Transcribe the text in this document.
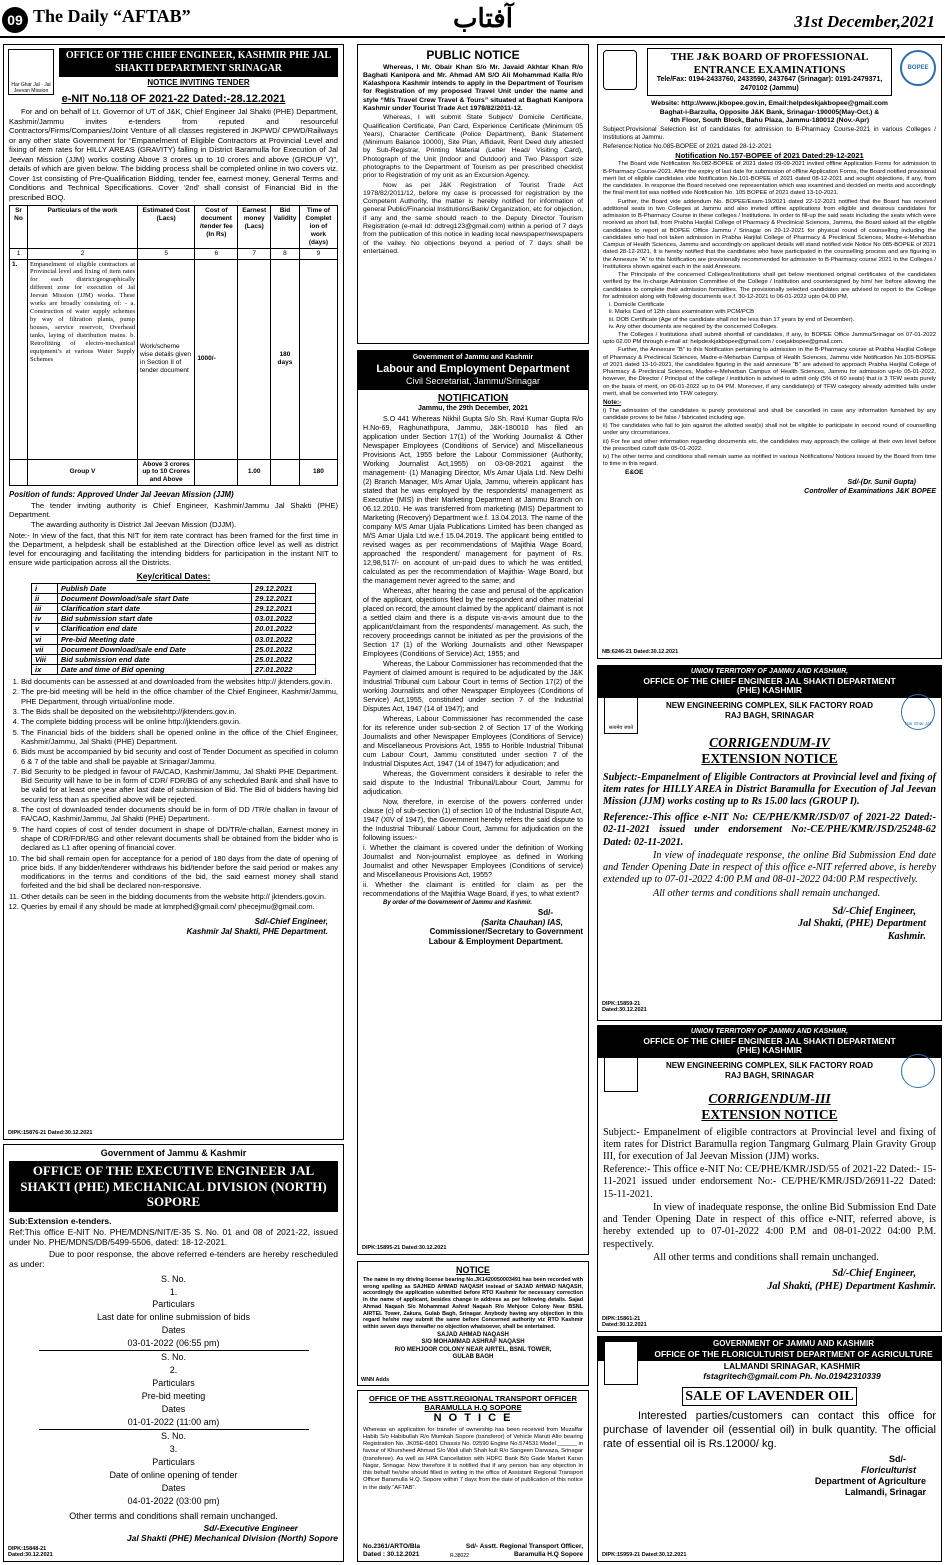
09 The Daily “AFTAB”	آفتاب	31st December,2021
Har Ghar Jal · Jal Jeevan Mission
OFFICE OF THE CHIEF ENGINEER, KASHMIR PHE JAL SHAKTI DEPARTMENT SRINAGAR
NOTICE INVITING TENDER
e-NIT No.118 OF 2021-22 Dated:-28.12.2021

For and on behalf of Lt. Governor of UT of J&K, Chief Engineer Jal Shakti (PHE) Department, Kashmir/Jammu invites e-tenders from reputed and resourceful Contractors/Firms/Companies/Joint Venture of all classes registered in JKPWD/ CPWD/Railways or any other state Government for “Empanelment of Eligible Contractors at Provincial Level and fixing of item rates for HILLY AREAS (GRAVITY) falling in District Baramulla for Execution of Jal Jeevan Mission (JJM) works costing Above 3 crores up to 10 crores and above (GROUP V)”, details of which are given below. The bidding process shall be completed online in two covers viz. Cover 1st consisting of Pre-Qualification Bidding, tender fee, earnest money, General Terms and Conditions and Technical Specifications. Cover ‘2nd’ shall consist of Financial Bid in the prescribed BOQ.

Sr No	Particulars of the work	Estimated Cost (Lacs)	Cost of document /tender fee (In Rs)	Earnest money (Lacs)	Bid Validity	Time of Complet ion of work (days)
1	2	5	6	7	8	9
1.	Empanelment of eligible contractors at Provincial level and fixing of item rates for each district/geographically different zone for execution of Jal Jeevan Mission (JJM) works. These works are broadly consisting of: - a. Construction of water supply schemes by way of filtration plants, pump houses, service reservoir, Overhead tanks, laying of distribution mains. b. Retrofitting of electro-mechanical equipment’s at various Water Supply Schemes	Work/scheme wise details given in Section II of tender document	1000/-		180 days	
	Group V	Above 3 crores up to 10 Crores and Above		1.00		180

Position of funds: Approved Under Jal Jeevan Mission (JJM)

The tender inviting authority is Chief Engineer, Kashmir/Jammu Jal Shakti (PHE) Department.

The awarding authority is District Jal Jeevan Mission (DJJM).

Note:- In view of the fact, that this NIT for item rate contract has been framed for the first time in the Department, a helpdesk shall be established at the Direction office level as well as district level for encouraging and facilitating the intending bidders for participation in the instant NIT to ensure wide participation across all the Districts.

Key/critical Dates:
i	Publish Date	29.12.2021
ii	Document Download/sale start Date	29.12.2021
iii	Clarification start date	29.12.2021
iv	Bid submission start date	03.01.2022
v	Clarification end date	20.01.2022
vi	Pre-bid Meeting date	03.01.2022
vii	Document Download/sale end Date	25.01.2022
Viii	Bid submission end date	25.01.2022
ix	Date and time of Bid opening	27.01.2022
1. Bid documents can be assessed at and downloaded from the websites http:// jktenders.gov.in.
2. The pre-bid meeting will be held in the office chamber of the Chief Engineer, Kashmir/Jammu, PHE Department, through virtual/online mode.
3. The Bids shall be deposited on the websitehttp://jktenders.gov.in.
4. The complete bidding process will be online http://jktenders.gov.in.
5. The Financial bids of the bidders shall be opened online in the office of the Chief Engineer, Kashmir/Jammu, Jal Shakti (PHE) Department.
6. Bids must be accompanied by bid security and cost of Tender Document as specified in column 6 & 7 of the table and shall be payable at Srinagar/Jammu.
7. Bid Security to be pledged in favour of FA/CAO, Kashmir/Jammu, Jal Shakti PHE Department. Bid Security will have to be in form of CDR/ FDR/BG of any scheduled Bank and shall have to be valid for at least one year after last date of submission of Bid. The Bid of bidders having bid security less than as specified above will be rejected.
8. The cost of downloaded tender documents should be in form of DD /TR/e challan in favour of FA/CAO, Kashmir/Jammu, Jal Shakti (PHE) Department.
9. The hard copies of cost of tender document in shape of DD/TR/e-challan, Earnest money in shape of CDR/FDR/BG and other relevant documents shall be obtained from the bidder who is declared as L1 after opening of financial cover.
10. The bid shall remain open for acceptance for a period of 180 days from the date of opening of price bids. If any bidder/tenderer withdraws his bid/tender before the said period or makes any modifications in the terms and conditions of the bid, the said earnest money shall stand forfeited and the bid shall be declared non-responsive.
11. Other details can be seen in the bidding documents from the website http:// jktenders.gov.in.
12. Queries by email if any should be made at kmrphed@gmail.com/ phecejmu@gmail.com.
Sd/-Chief Engineer,
Kashmir Jal Shakti, PHE Department.
DIPK:15876-21 Dated:30.12.2021
Government of Jammu & Kashmir
OFFICE OF THE EXECUTIVE ENGINEER JAL SHAKTI (PHE) MECHANICAL DIVISION (NORTH) SOPORE

Sub:Extension e-tenders.

Ref:This office E-NIT No. PHE/MDNS/NIT/E-35 S. No. 01 and 08 of 2021-22, issued under No. PHE/MDNS/DB/5499-5506, dated: 18-12-2021.

Due to poor response, the above referred e-tenders are hereby rescheduled as under:

S. No.
1.
Particulars
Last date for online submission of bids
Dates
03-01-2022 (06:55 pm)
S. No.
2.
Particulars
Pre-bid meeting
Dates
01-01-2022 (11:00 am)
S. No.
3.
Particulars
Date of online opening of tender
Dates
04-01-2022 (03:00 pm)

Other terms and conditions shall remain unchanged.

Sd/-Executive Engineer
Jal Shakti (PHE) Mechanical Division (North) Sopore
DIPK:15848-21 Dated:30.12.2021
PUBLIC NOTICE

Whereas, I Mr. Obair Khan S/o Mr. Javaid Akhtar Khan R/o Baghati Kanipora and Mr. Ahmad AM S/O Ali Mohammad Kalla R/o Kalashpora Kashmir intends to apply in the Department of Tourism for Registration of my proposed Travel Unit under the name and style “M/s Travel Crew Travel & Tours” situated at Baghati Kanipora Kashmir under Tourist Trade Act 1978/82/2011-12.

Whereas, I will submit State Subject/ Domicile Certificate, Qualification Certificate, Pan Card, Experience Certificate (Minimum 05 Years), Character Certificate (Police Department), Bank Statement (Minimum Balance 10000), Site Plan, Affidavit, Rent Deed duly attested by Sub-Registrar, Printing Material (Letter Head/ Visiting Card), Photograph of the Unit (Indoor and Outdoor) and Two Passport size photographs to the Department of Tourism as per prescribed checklist prior to Registration of my unit as an Excursion Agency.

Now as per J&K Registration of Tourist Trade Act 1978/82/2011/12, before my case is processed for registration by the Competent Authority, the matter is hereby notified for information of general Public/Financial Institutions/Bank/ Organization, etc for objection, if any and the same should reach to the Deputy Director Tourism Registration (e-mail Id: ddtreg123@gmail.com) within a period of 7 days from the publication of this notice in leading local newspaper/newspapers of the valley. No objections beyond a period of 7 days shall be entertained.

Government of Jammu and Kashmir
Labour and Employment Department
Civil Secretariat, Jammu/Srinagar
NOTIFICATION
Jammu, the 29th December, 2021

S.O 441 Whereas Nikhil Gupta S/o Sh. Ravi Kumar Gupta R/o H.No-69, Raghunathpura, Jammu, J&K-180010 has filed an application under Section 17(1) of the Working Journalist & Other Newspaper Employees (Conditions of Service) and Miscellaneous Provisions Act, 1955 before the Labour Commissioner (Authority, Working Journalist Act,1955) on 03-08-2021 against the management- (1) Managing Director, M/s Amar Ujala Ltd. New Delhi (2) Branch Manager, M/s Amar Ujala, Jammu, wherein applicant has stated that he was employed by the respondents/ management as Executive (MIS) in their Marketing Department at Jammu Branch on 06.12.2010. He was transferred from marketing (MIS) Department to Marketing (Recovery) Department w.e.f. 13.04.2013. The name of the company M/S Amar Ujala Publications Limited has been changed as M/S Amar Ujala Ltd w.e.f 15.04.2019. The applicant being entitled to revised wages as per recommendations of Majithia Wage Board, approached the respondent/ management for payment of Rs. 12,98,517/- on account of un-paid dues to which he was entitled, calculated as per the recommendation of Majithia- Wage Board, but the management never agreed to the same; and

Whereas, after hearing the case and perusal of the application of the applicant, objections filed by the respondent and other material placed on record, the amount claimed by the applicant/ claimant is not a settled claim and there is a dispute vis-a-vis amount due to the applicant/claimant from the respondents/ management. As such, the recovery proceedings cannot be initiated as per the provisions of the Section 17 (1) of the Working Journalists and other Newspaper Employees (Conditions of Service) Act, 1955; and

Whereas, the Labour Commissioner has recommended that the Payment of claimed amount is required to be adjudicated by the J&K Industrial Tribunal cum Labour Court in terms of Section 17(2) of the working Journalists and other Newspaper Employees (Conditions of Service) Act,1955, constituted under section 7 of the Industrial Disputes Act, 1947 (14 of 1947); and

Whereas, Labour Commissioner has recommended the case for its reference under sub-section 2 of Section 17 of the Working Journalists and other Newspaper Employees (Conditions of Service) and Miscellaneous Provisions Act, 1955 to Horible Industrial Tribunal cum Labour Court, Jammu constituted under section 7 of the Industrial Disputes Act, 1947 (14 of 1947) for adjudication; and

Whereas, the Government considers it desirable to refer the said dispute to the Industrial Tribunal/Labour Court, Jammu for adjudication.

Now, therefore, in exercise of the powers conferred under clause (c) of sub-section (1) of section 10 of the Industrial Dispute Act, 1947 (XIV of 1947), the Government hereby refers the said dispute to the Industrial Tribunal/ Labour Court, Jammu for adjudication on the following issues:-

i. Whether the claimant is covered under the definition of Working Journalist and Non-journalist employee as defined in Working Journalist and other Newspaper Employees (Conditions of service) and Miscellaneous Provisions Act, 1955?

ii. Whether the claimant is entitled for claim as per the recommendations of the Majithia Wage Board, if yes, to what extent?

By order of the Government of Jammu and Kashmir.

Sd/-
(Sarita Chauhan) IAS,
Commissioner/Secretary to Government
Labour & Employment Department.
DIPK:15895-21 Dated:30.12.2021
NOTICE

The name in my driving license bearing No.JK1420050003491 has been recorded with wrong spelling as SAJHED AHMAD NAQASH instead of SAJAD AHMAD NAQASH, accordingly the application submitted before RTO Kashmir for necessary correction in the name of applicant, besides change in address as per following details. Sajad Ahmad Naqash S/o Mohammad Ashraf Naqash R/o Mehjoor Colony Near BSNL AIRTEL Tower, Zakura, Gulab Bagh, Srinagar. Anybody having any objection in this regard he/she may submit the same before Concerned authority viz RTO Kashmir within seven days thereafter no objection whatsoever, shall be entertained.

SAJAD AHMAD NAQASH
S/O MOHAMMAD ASHRAF NAQASH
R/O MEHJOOR COLONY NEAR AIRTEL, BSNL TOWER,
GULAB BAGH
WNN Adds
OFFICE OF THE ASSTT.REGIONAL TRANSPORT OFFICER
BARAMULLA H.Q SOPORE
N O T I C E

Whereas an application for transfer of ownership has been received from Muzaffar Habib S/o Habibullah R/o Mumkah Sopore (transferor) of Vehicle Maruti Alto bearing Registration No. JK05E-6801 Chassis No. 02590 Engine No.574531 Model ______ in favour of Khursheed Ahmad S/o Wali ullah Shah kuli R/o Sangeen Darwaza, Srinagar (transferee). As well as HPA Cancellation with HDFC Bank B/o Gade Market Karan Nagar, Srinagar. Now therefore it is notified that if any person has any objection in this behalf he/she should filled in writing in the office of Assistant Regional Transport Officer Baramulla H.Q. Sopore within 7 days from the date of publication of this notice in the daily “AFTAB”.

No.2361/ARTO/Bla
Dated : 30.12.2021	R.38022
Sd/- Asstt. Regional Transport Officer,
Baramulla H.Q Sopore
BOPEE
THE J&K BOARD OF PROFESSIONAL ENTRANCE EXAMINATIONS
Tele/Fax: 0194-2433760, 2433590, 2437647 (Srinagar): 0191-2479371, 2470102 (Jammu)
Website: http://www.jkbopee.gov.in, Email:helpdeskjakbopee@gmail.com
Baghat-i-Barzulla, Opposite J&K Bank, Srinagar-190005(May-Oct.) &
4th Floor, South Block, Bahu Plaza, Jammu-180012 (Nov.-Apr)

Subject:Provisional Selection list of candidates for admission to B-Pharmacy Course-2021 in various Colleges / Institutions at Jammu.

Reference:Notice No.085-BOPEE of 2021 dated 28-12-2021

Notification No.157-BOPEE of 2021 Dated:29-12-2021

The Board vide Notification No.082-BOPEE of 2021 dated 09-09-2021 invited offline Application Forms for admission to B-Pharmacy Course-2021. After the expiry of last date for submission of offline Application Forms, the Board notified provisional merit list of eligible candidates vide Notification No.101-BOPEE of 2021 dated 08-12-2021 and sought objections, if any, from the candidates. In response the Board received one representation which was examined and decided on merits and accordingly the final merit list was notified vide Notification No. 105 BOPEE of 2021 dated 13-10-2021.

Further, the Board vide addendum No. BOPEE/Exam-19/2021 dated 22-12-2021 notified that the Board has received additional seats in two Colleges at Jammu and also invited offline applications from eligible and desirous candidates for admission to B-Pharmacy Course in these colleges / Institutions. In order to fill-up the said seats including the seats which were received as short fall, from Prabha Harjilal College of Pharmacy & Preclinical Sciences, Jammu, the Board asked all the eligible candidates to report at BOPEE Office Jammu / Srinagar on 29-12-2021 for physical round of counselling including the candidates who had not taken admission in Prabha Harjilal College of Pharmacy & Preclinical Sciences, Madre-e-Meharban Campus of Health Sciences, Jammu and accordingly on applicant details will stand notified vide Notice No 085-BOPEE of 2021 dated 28-12-2021. It is hereby notified that the candidates who have participated in the counselling process and are figuring in the Annexure “A” to this Notification are provisionally recommended for admission to B-Pharmacy course 2021 in the Colleges / Institutions shown against each in the said Annexure.

The Principals of the concerned Colleges/Institutions shall get below mentioned original certificates of the candidates verified by the In-charge Admission Committee of the College / Institution and countersigned by him/ her before allowing the candidates to complete their admission formalities. The provisionally selected candidates are advised to report to the College for admission along with following documents w.e.f. 30-12-2021 to 06-01-2022 upto 04.00 PM.

i. Domicile Certificate
ii. Marks Card of 12th class examination with PCM/PCB
iii. DOB Certificate (Age of the candidate shall not be less than 17 years by end of December).
iv. Any other documents are required by the concerned Colleges.

The Colleges / Institutions shall submit shortfall of candidates, if any, to BOPEE Office Jammu/Srinagar on 07-01-2022 upto 02.00 PM through e-mail at: helpdeskjakbopee@gmail.com / coejakbopee@gmail.com.

Further, the Annexure “B” to this Notification pertaining to admission in the B-Pharmacy course at Prabha Harjilal College of Pharmacy & Preclinical Sciences, Madre-e-Meharban Campus of Health Sciences, Jammu vide Notification No.105-BOPEE of 2021 dated 13-10-2021, the candidates figuring in the said annexure “B” are advised to approach Prabha Harjilal College of Pharmacy & Preclinical Sciences, Madre-e-Meharban Campus of Health Sciences, Jammu for admission up-to 05-01-2022, however, the Director / Principal of the college / institution is advised to admit only (5% of 60 seats) that is 3 TFW seats purely on the basis of merit, on 06-01-2022 up to 04 PM. Moreover, if any candidate(s) of TFW category already admitted falls under merit, shall be converted into TFW category.

Note:-

i) The admission of the candidates is purely provisional and shall be cancelled in case any information furnished by any candidate proves to be false / fabricated including age.

ii) The candidates who fail to join against the allotted seat(s) shall not be eligible to participate in second round of counselling under any circumstances.

iii) For fee and other information regarding documents etc. the candidates may approach the college at their own level before the prescribed cutoff date 05-01-2022.

iv) The other terms and conditions shall remain same as notified in various Notifications/ Notices issued by the Board from time to time in this regard.

E&OE
Sd/-(Dr. Sunil Gupta)
Controller of Examinations J&K BOPEE
NB:6246-21 Dated:30.12.2021
UNION TERRITORY OF JAMMU AND KASHMIR,
OFFICE OF THE CHIEF ENGINEER JAL SHAKTI DEPARTMENT (PHE) KASHMIR
सत्यमेव जयते
Har Ghar Jal
NEW ENGINEERING COMPLEX, SILK FACTORY ROAD
RAJ BAGH, SRINAGAR
CORRIGENDUM-IV
EXTENSION NOTICE

Subject:-Empanelment of Eligible Contractors at Provincial level and fixing of item rates for HILLY AREA in District Baramulla for Execution of Jal Jeevan Mission (JJM) works costing up to Rs 15.00 lacs (GROUP I).

Reference:-This office e-NIT No: CE/PHE/KMR/JSD/07 of 2021-22 Dated:- 02-11-2021 issued under endorsement No:-CE/PHE/KMR/JSD/25248-62 Dated: 02-11-2021.

In view of inadequate response, the online Bid Submission End date and Tender Opening Date in respect of this office e-NIT referred above, is hereby extended up to 07-01-2022 4:00 P.M and 08-01-2022 04:00 P.M respectively.

All other terms and conditions shall remain unchanged.

Sd/-Chief Engineer,
Jal Shakti, (PHE) Department
Kashmir.
DIPK:15859-21 Dated:30.12.2021
UNION TERRITORY OF JAMMU AND KASHMIR,
OFFICE OF THE CHIEF ENGINEER JAL SHAKTI DEPARTMENT (PHE) KASHMIR
NEW ENGINEERING COMPLEX, SILK FACTORY ROAD
RAJ BAGH, SRINAGAR
CORRIGENDUM-III
EXTENSION NOTICE

Subject:- Empanelment of eligible contractors at Provincial level and fixing of item rates for District Baramulla region Tangmarg Gulmarg Plain Gravity Group III, for execution of Jal Jeevan Mission (JJM) works.

Reference:- This office e-NIT No: CE/PHE/KMR/JSD/55 of 2021-22 Dated:- 15-11-2021 issued under endorsement No:- CE/PHE/KMR/JSD/26911-22 Dated: 15-11-2021.

In view of inadequate response, the online Bid Submission End Date and Tender Opening Date in respect of this office e-NIT, referred above, is hereby extended up to 07-01-2022 4:00 P.M and 08-01-2022 04:00 P.M. respectively.

All other terms and conditions shall remain unchanged.

Sd/-Chief Engineer,
Jal Shakti, (PHE) Department Kashmir.
DIPK:15861-21 Dated:30.12.2021
GOVERNMENT OF JAMMU AND KASHMIR
OFFICE OF THE FLORICULTURIST DEPARTMENT OF AGRICULTURE
LALMANDI SRINAGAR, KASHMIR
fstagritech@gmail.com Ph. No.01942310339
SALE OF LAVENDER OIL

Interested parties/customers can contact this office for purchase of lavender oil (essential oil) in bulk quantity. The official rate of essential oil is Rs.12000/ kg.

Sd/-
Floriculturist
Department of Agriculture
Lalmandi, Srinagar
DIPK:15959-21 Dated:30.12.2021
